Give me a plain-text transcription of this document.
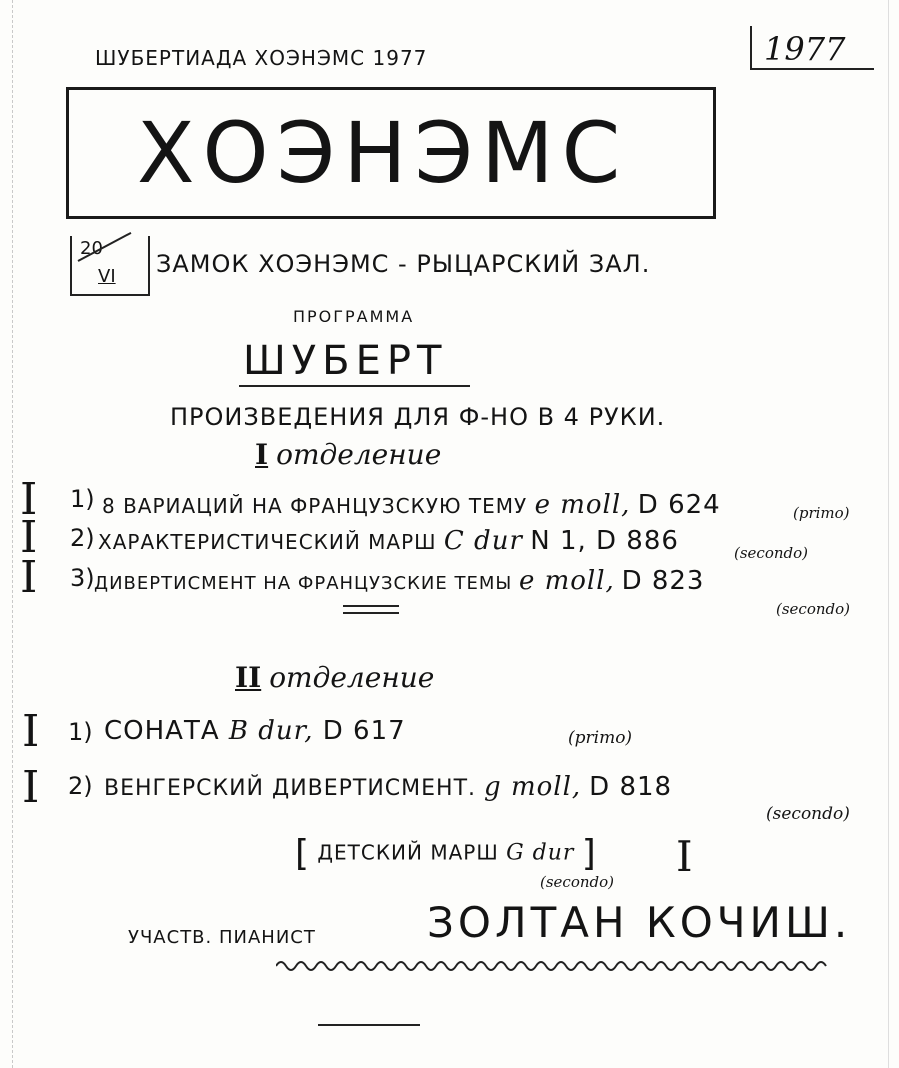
ШУБЕРТИАДА ХОЭНЭМС 1977	1977
ХОЭНЭМС
20
VI ЗАМОК ХОЭНЭМС - РЫЦАРСКИЙ ЗАЛ.
ПРОГРАММА
ШУБЕРТ
ПРОИЗВЕДЕНИЯ ДЛЯ Ф-НО В 4 РУКИ.
I отделение
I 1) 8 ВАРИАЦИЙ НА ФРАНЦУЗСКУЮ ТЕМУ e moll, D 624	(primo)
I 2) ХАРАКТЕРИСТИЧЕСКИЙ МАРШ C dur N 1, D 886	(secondo)
I 3) ДИВЕРТИСМЕНТ НА ФРАНЦУЗСКИЕ ТЕМЫ e moll, D 823
(secondo)
II отделение
I 1) СОНАТА B dur, D 617	(primo)
I 2) ВЕНГЕРСКИЙ ДИВЕРТИСМЕНТ. g moll, D 818
(secondo)
[ ДЕТСКИЙ МАРШ G dur ] I
(secondo)
УЧАСТВ. ПИАНИСТ	ЗОЛТАН КОЧИШ.
